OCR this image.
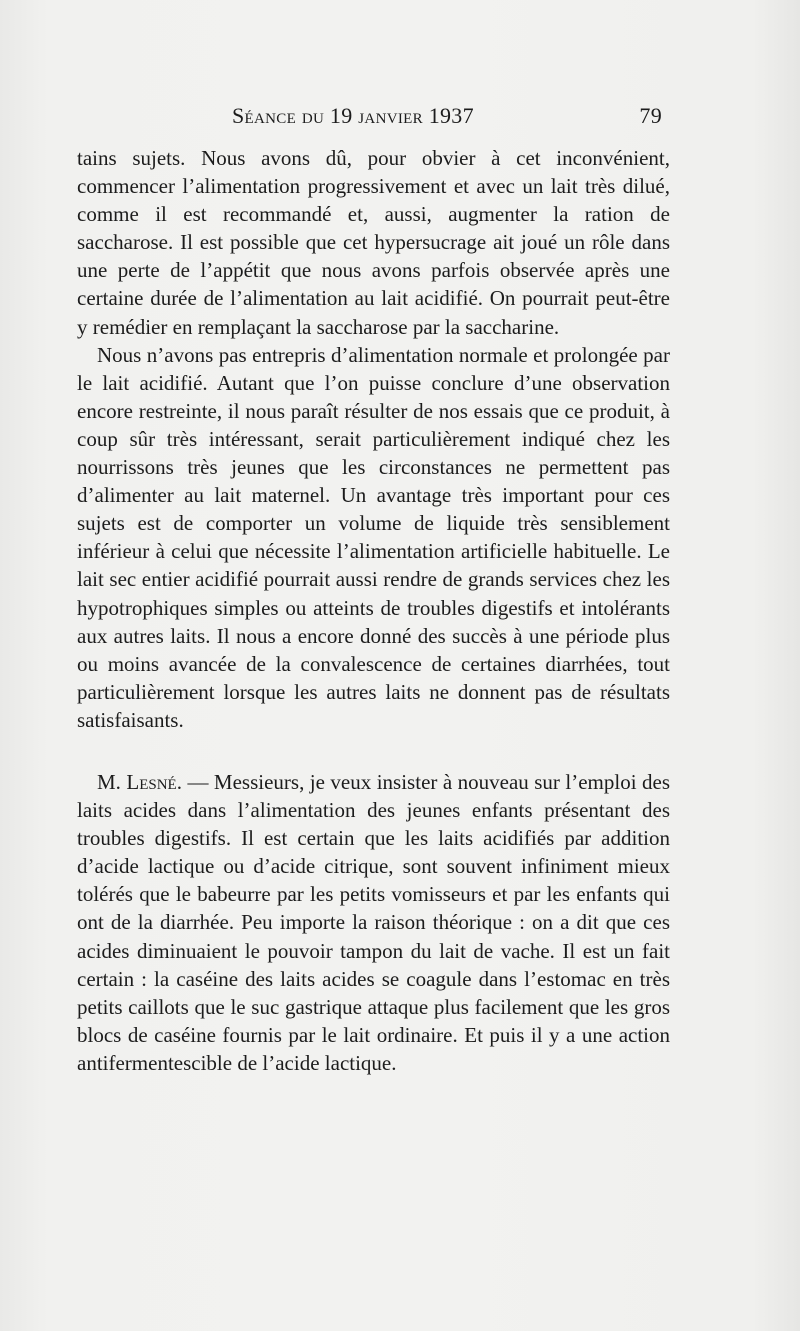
Séance du 19 janvier 1937	79

tains sujets. Nous avons dû, pour obvier à cet inconvénient, commencer l’alimentation progressivement et avec un lait très dilué, comme il est recommandé et, aussi, augmenter la ration de saccharose. Il est possible que cet hypersucrage ait joué un rôle dans une perte de l’appétit que nous avons parfois observée après une certaine durée de l’alimentation au lait acidifié. On pourrait peut-être y remédier en remplaçant la saccharose par la saccharine.

Nous n’avons pas entrepris d’alimentation normale et prolongée par le lait acidifié. Autant que l’on puisse conclure d’une observation encore restreinte, il nous paraît résulter de nos essais que ce produit, à coup sûr très intéressant, serait particulièrement indiqué chez les nourrissons très jeunes que les circonstances ne permettent pas d’alimenter au lait maternel. Un avantage très important pour ces sujets est de comporter un volume de liquide très sensiblement inférieur à celui que nécessite l’alimentation artificielle habituelle. Le lait sec entier acidifié pourrait aussi rendre de grands services chez les hypotrophiques simples ou atteints de troubles digestifs et intolérants aux autres laits. Il nous a encore donné des succès à une période plus ou moins avancée de la convalescence de certaines diarrhées, tout particulièrement lorsque les autres laits ne donnent pas de résultats satisfaisants.

M. Lesné. — Messieurs, je veux insister à nouveau sur l’emploi des laits acides dans l’alimentation des jeunes enfants présentant des troubles digestifs. Il est certain que les laits acidifiés par addition d’acide lactique ou d’acide citrique, sont souvent infiniment mieux tolérés que le babeurre par les petits vomisseurs et par les enfants qui ont de la diarrhée. Peu importe la raison théorique : on a dit que ces acides diminuaient le pouvoir tampon du lait de vache. Il est un fait certain : la caséine des laits acides se coagule dans l’estomac en très petits caillots que le suc gastrique attaque plus facilement que les gros blocs de caséine fournis par le lait ordinaire. Et puis il y a une action antifermentescible de l’acide lactique.
